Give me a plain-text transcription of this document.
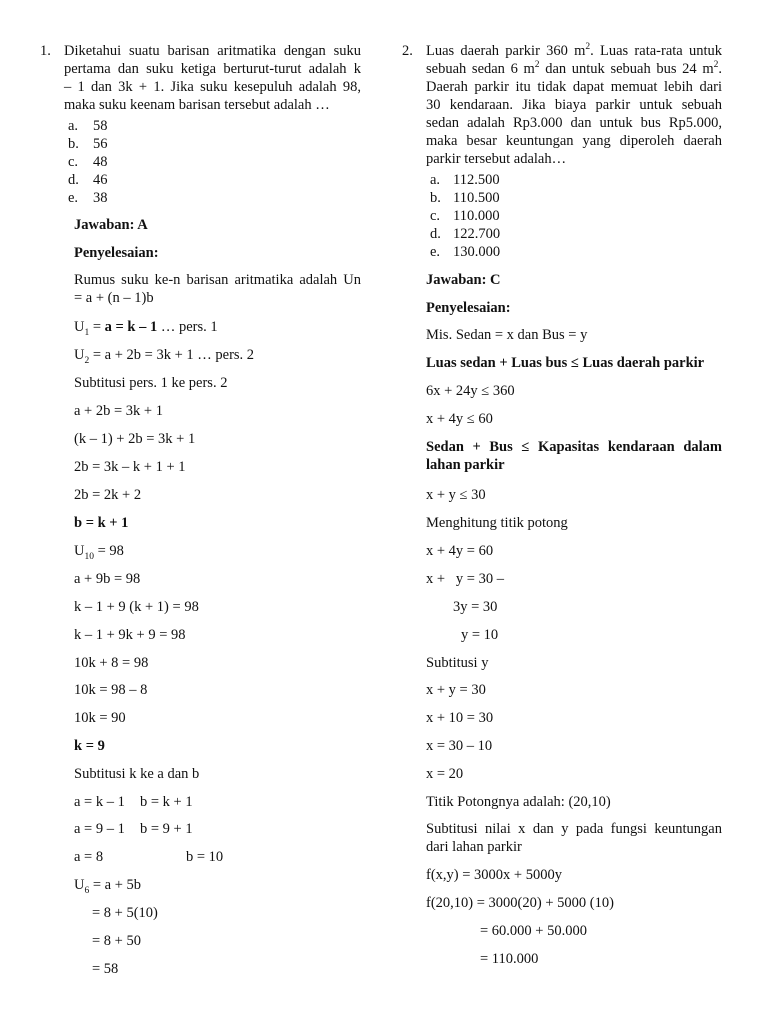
1. Diketahui suatu barisan aritmatika dengan suku
pertama dan suku ketiga berturut-turut adalah k
– 1 dan 3k + 1. Jika suku kesepuluh adalah 98,
maka suku keenam barisan tersebut adalah …
a. 58
b. 56
c. 48
d. 46
e. 38
Jawaban: A
Penyelesaian:
Rumus suku ke-n barisan aritmatika adalah Un
= a + (n – 1)b
$U_1 = a = k - 1$ … pers. 1
$U_2 = a + 2b = 3k + 1$ … pers. 2
Subtitusi pers. 1 ke pers. 2
a + 2b = 3k + 1
(k – 1) + 2b = 3k + 1
2b = 3k – k + 1 + 1
2b = 2k + 2
b = k + 1
$U_{10} = 98$
a + 9b = 98
k – 1 + 9 (k + 1) = 98
k – 1 + 9k + 9 = 98
10k + 8 = 98
10k = 98 – 8
10k = 90
k = 9
Subtitusi k ke a dan b
a = k – 1 b = k + 1
a = 9 – 1 b = 9 + 1
a = 8	b = 10
$U_6 = a + 5b$
= 8 + 5(10)
= 8 + 50
= 58
2. Luas daerah parkir 360 $m^2$. Luas rata-rata untuk
sebuah sedan 6 $m^2$ dan untuk sebuah bus 24 $m^2$.
Daerah parkir itu tidak dapat memuat lebih dari
30 kendaraan. Jika biaya parkir untuk sebuah
sedan adalah Rp3.000 dan untuk bus Rp5.000,
maka besar keuntungan yang diperoleh daerah
parkir tersebut adalah…
a. 112.500
b. 110.500
c. 110.000
d. 122.700
e. 130.000
Jawaban: C
Penyelesaian:
Mis. Sedan = x dan Bus = y
Luas sedan + Luas bus ≤ Luas daerah parkir
6x + 24y ≤ 360
x + 4y ≤ 60
Sedan + Bus ≤ Kapasitas kendaraan dalam
lahan parkir
x + y ≤ 30
Menghitung titik potong
x + 4y = 60
x +   y = 30 –
3y = 30
y = 10
Subtitusi y
x + y = 30
x + 10 = 30
x = 30 – 10
x = 20
Titik Potongnya adalah: (20,10)
Subtitusi nilai x dan y pada fungsi keuntungan
dari lahan parkir
f(x,y) = 3000x + 5000y
f(20,10) = 3000(20) + 5000 (10)
= 60.000 + 50.000
= 110.000
